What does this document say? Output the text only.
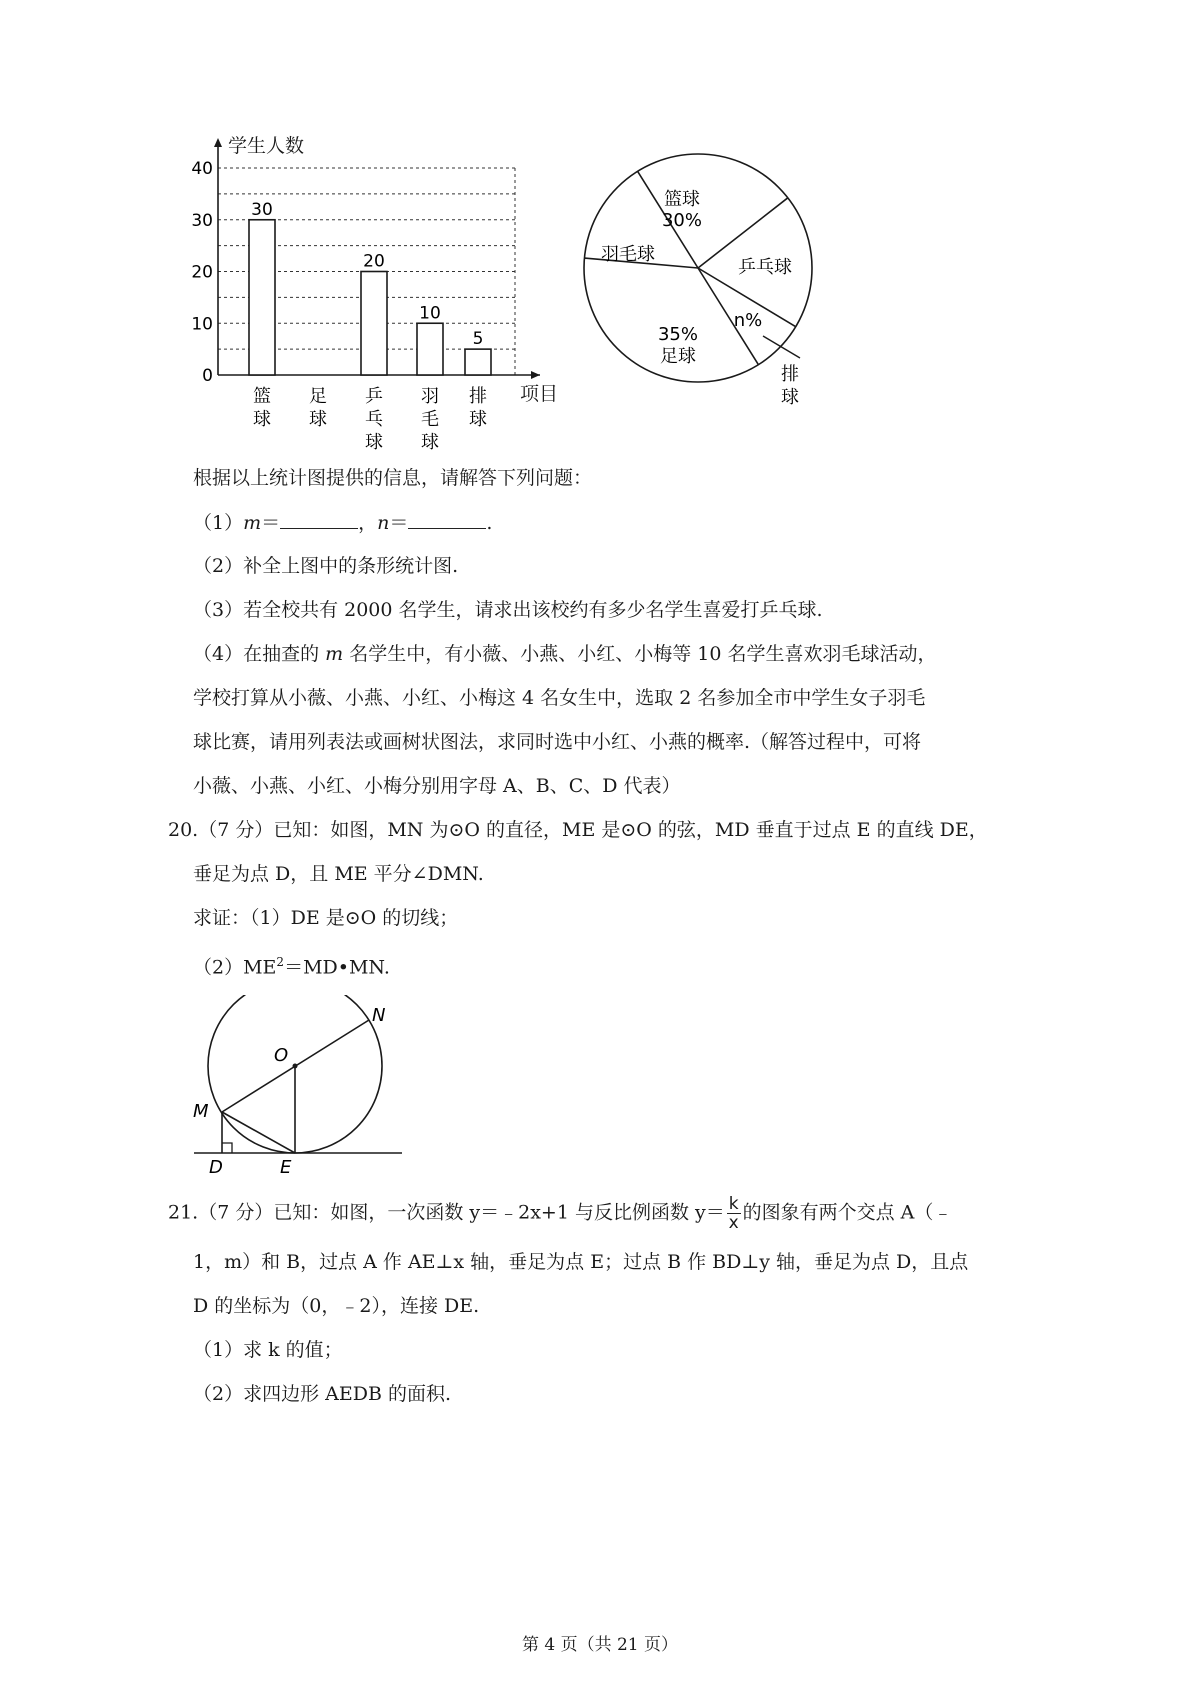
0
10
20
30
40
30
篮
球
足
球
20
乒
乓
球
10
羽
毛
球
5
排
球
学生人数
项目
篮球
30%
乒乓球
n%
35%
足球
羽毛球
排
球
根据以上统计图提供的信息，请解答下列问题：
（1）m＝	，n＝	.
（2）补全上图中的条形统计图.
（3）若全校共有 2000 名学生，请求出该校约有多少名学生喜爱打乒乓球.
（4）在抽查的 m 名学生中，有小薇、小燕、小红、小梅等 10 名学生喜欢羽毛球活动，
学校打算从小薇、小燕、小红、小梅这 4 名女生中，选取 2 名参加全市中学生女子羽毛
球比赛，请用列表法或画树状图法，求同时选中小红、小燕的概率.（解答过程中，可将
小薇、小燕、小红、小梅分别用字母 A、B、C、D 代表）
20.（7 分）已知：如图，MN 为⊙O 的直径，ME 是⊙O 的弦，MD 垂直于过点 E 的直线 DE，
垂足为点 D，且 ME 平分∠DMN.
求证：（1）DE 是⊙O 的切线；
$(2)ME^2=MD•MN$.
O
N
M
D	E
21.（7 分）已知：如图，一次函数 y＝﹣2x+1 与反比例函数 $y= \frac{k}{x}$ 的图象有两个交点 A（﹣
1，m）和 B，过点 A 作 AE⊥x 轴，垂足为点 E；过点 B 作 BD⊥y 轴，垂足为点 D，且点
D 的坐标为（0，﹣2），连接 DE.
（1）求 k 的值；
（2）求四边形 AEDB 的面积.
第 4 页（共 21 页）
